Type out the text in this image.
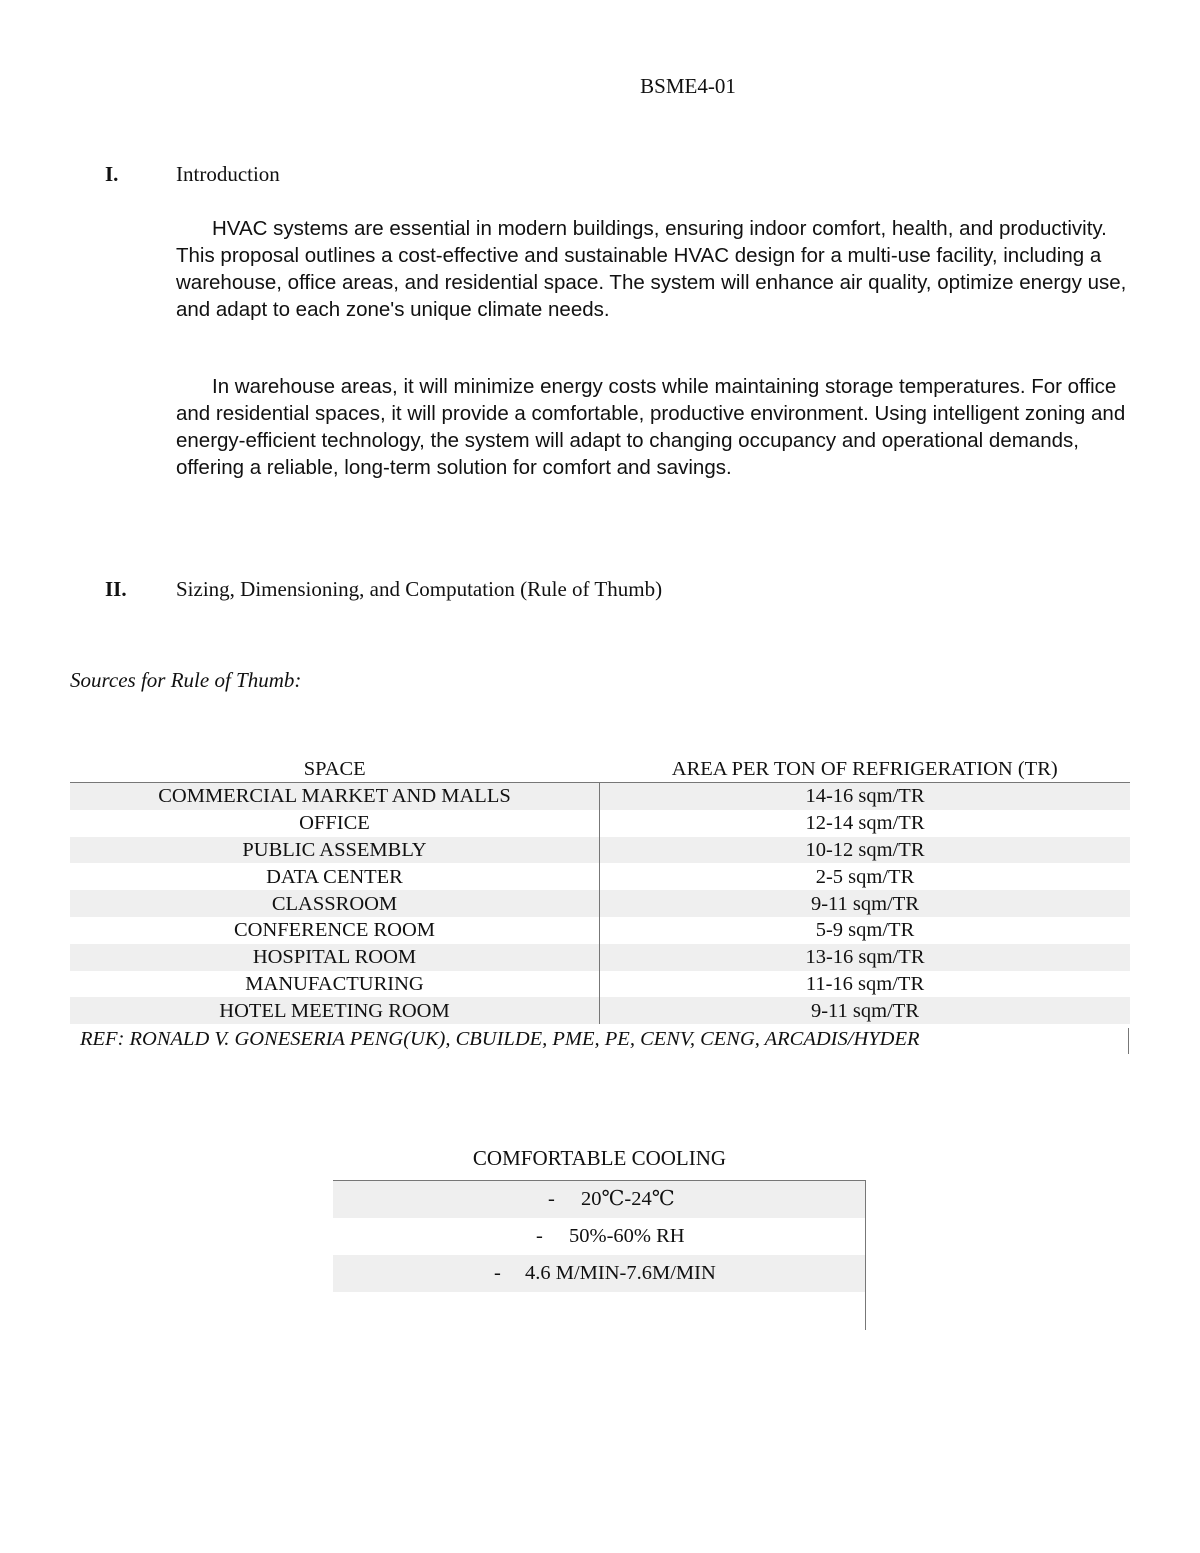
BSME4-01
I.	Introduction

HVAC systems are essential in modern buildings, ensuring indoor comfort, health, and productivity. This proposal outlines a cost-effective and sustainable HVAC design for a multi-use facility, including a warehouse, office areas, and residential space. The system will enhance air quality, optimize energy use, and adapt to each zone's unique climate needs.

In warehouse areas, it will minimize energy costs while maintaining storage temperatures. For office and residential spaces, it will provide a comfortable, productive environment. Using intelligent zoning and energy-efficient technology, the system will adapt to changing occupancy and operational demands, offering a reliable, long-term solution for comfort and savings.

II. Sizing, Dimensioning, and Computation (Rule of Thumb)
Sources for Rule of Thumb:
SPACE	AREA PER TON OF REFRIGERATION (TR)
COMMERCIAL MARKET AND MALLS	14-16 sqm/TR
OFFICE	12-14 sqm/TR
PUBLIC ASSEMBLY	10-12 sqm/TR
DATA CENTER	2-5 sqm/TR
CLASSROOM	9-11 sqm/TR
CONFERENCE ROOM	5-9 sqm/TR
HOSPITAL ROOM	13-16 sqm/TR
MANUFACTURING	11-16 sqm/TR
HOTEL MEETING ROOM	9-11 sqm/TR
REF: RONALD V. GONESERIA PENG(UK), CBUILDE, PME, PE, CENV, CENG, ARCADIS/HYDER
COMFORTABLE COOLING
- 20℃-24℃
- 50%-60% RH
- 4.6 M/MIN-7.6M/MIN
